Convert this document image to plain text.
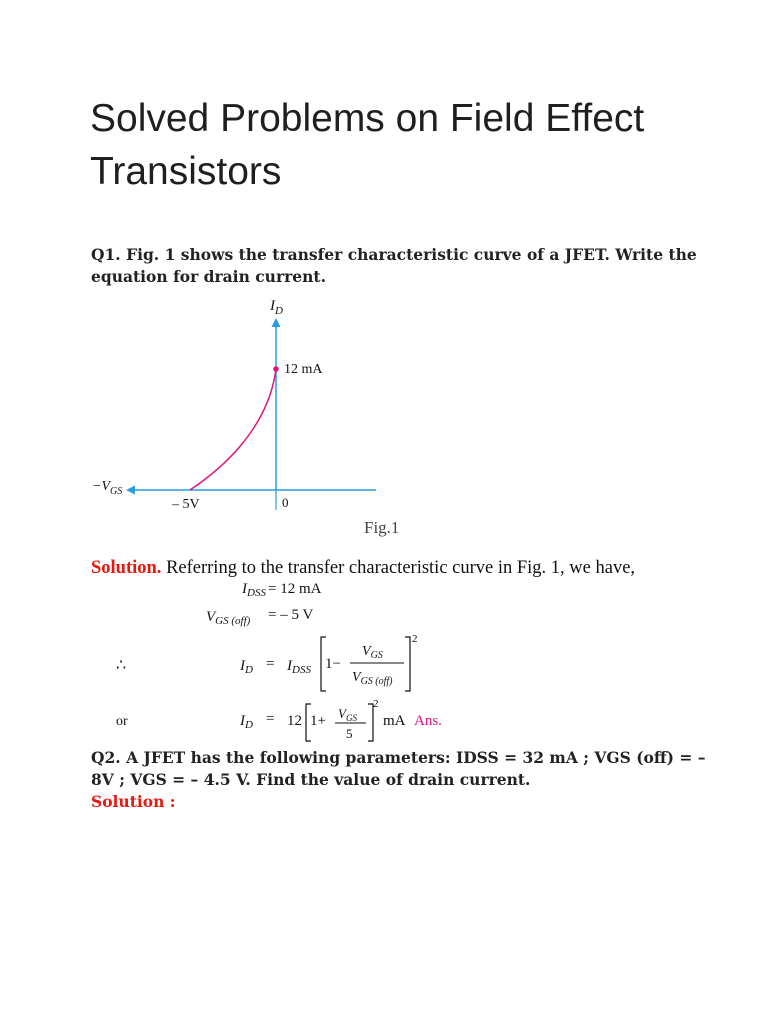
Solved Problems on Field Effect Transistors
Q1. Fig. 1 shows the transfer characteristic curve of a JFET. Write the equation for drain current.
$I_D$
12 mA
$-V_{GS}$
– 5V	0
Fig.1
Solution. Referring to the transfer characteristic curve in Fig. 1, we have,
$I_{DSS} = 12$ mA
$V_{GS (off)}$ = – 5 V
∴	$I_D = I_{DSS}$ 1−
$V_{GS}$
$V_{GS (off)}$
2
or	$I_D = 12$ $1+ V_{GS}$
5
2
mA Ans.
Q2. A JFET has the following parameters: IDSS = 32 mA ; VGS (off) = – 8V ; VGS = – 4.5 V. Find the value of drain current.
Solution :
